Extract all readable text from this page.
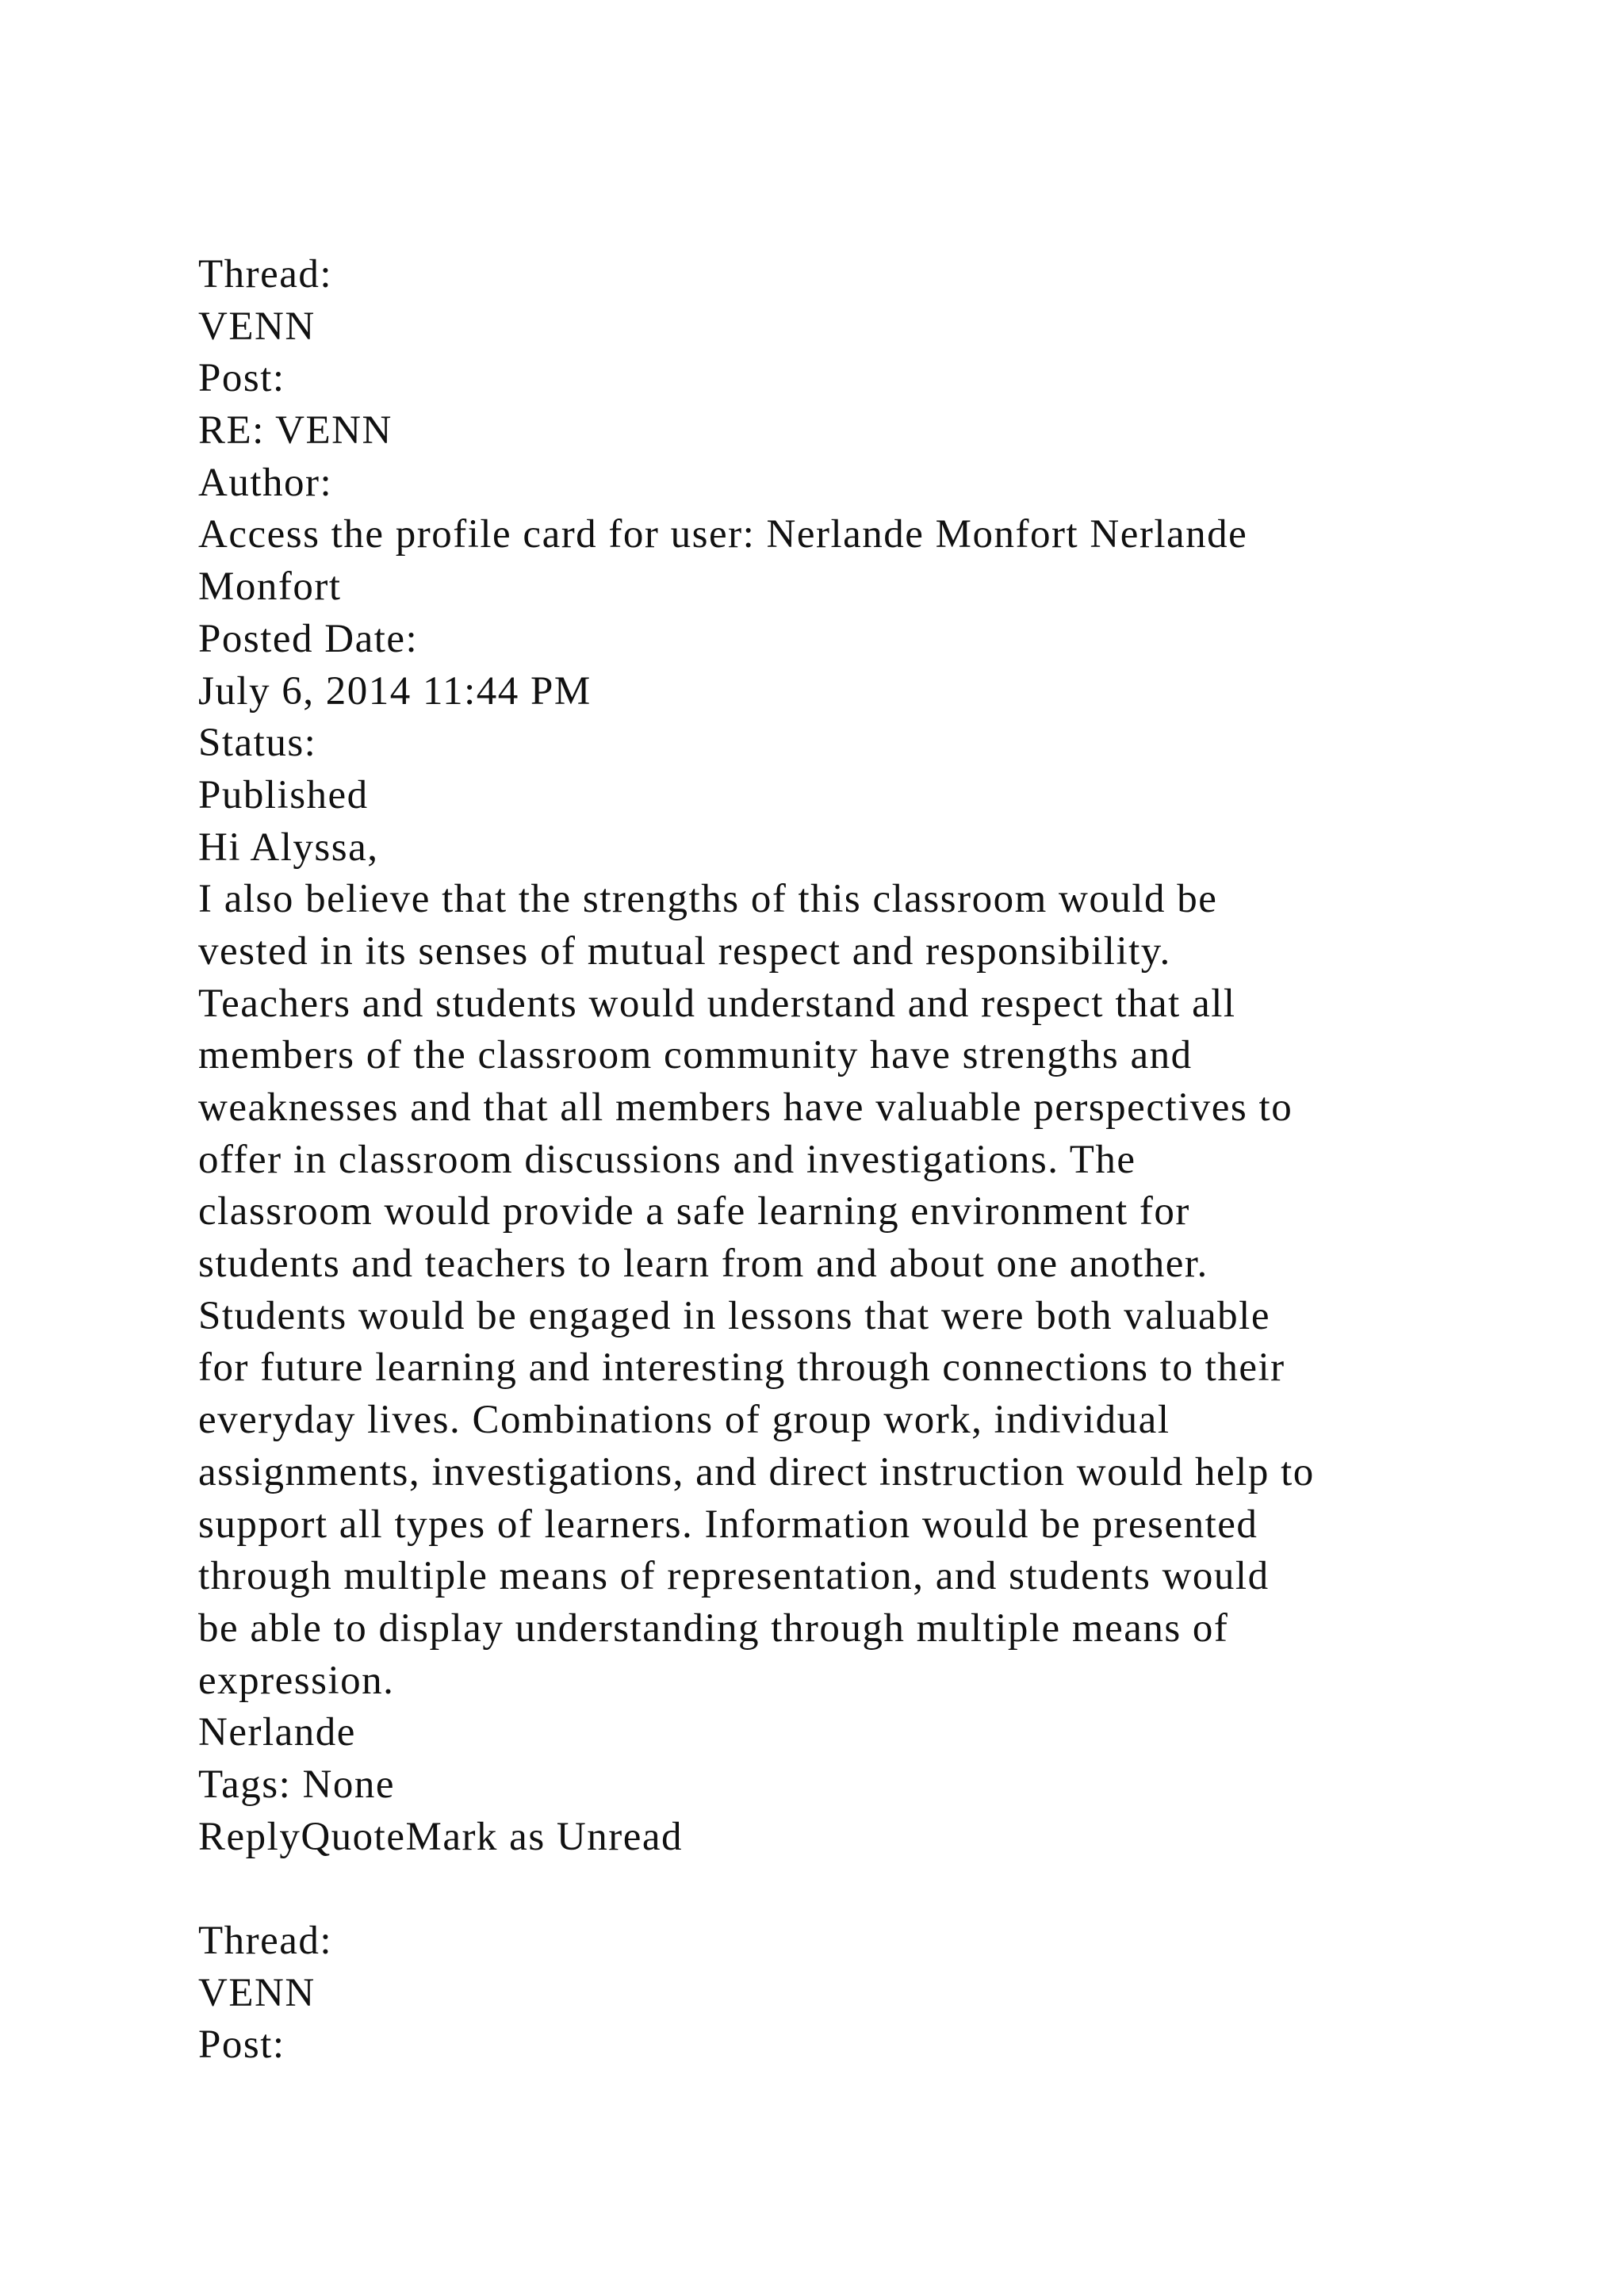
Thread:
VENN
Post:
RE: VENN
Author:
Access the profile card for user: Nerlande Monfort Nerlande
Monfort
Posted Date:
July 6, 2014 11:44 PM
Status:
Published
Hi Alyssa,
I also believe that the strengths of this classroom would be
vested in its senses of mutual respect and responsibility.
Teachers and students would understand and respect that all
members of the classroom community have strengths and
weaknesses and that all members have valuable perspectives to
offer in classroom discussions and investigations. The
classroom would provide a safe learning environment for
students and teachers to learn from and about one another.
Students would be engaged in lessons that were both valuable
for future learning and interesting through connections to their
everyday lives. Combinations of group work, individual
assignments, investigations, and direct instruction would help to
support all types of learners. Information would be presented
through multiple means of representation, and students would
be able to display understanding through multiple means of
expression.
Nerlande
Tags: None
ReplyQuoteMark as Unread
Thread:
VENN
Post:
